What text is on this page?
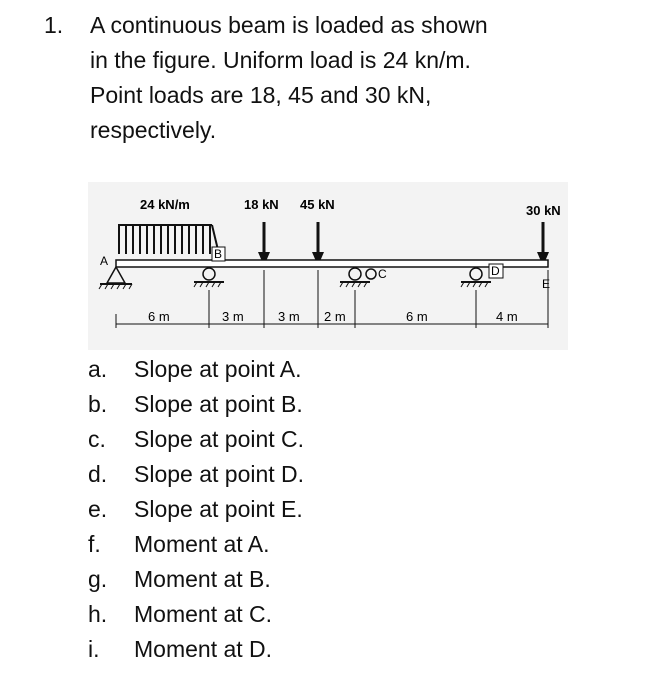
1. A continuous beam is loaded as shown
in the figure. Uniform load is 24 kn/m.
Point loads are 18, 45 and 30 kN,
respectively.
24 kN/m	18 kN 45 kN	30 kN
A	B
C	D
E
6 m	3 m	3 m 2 m	6 m	4 m
a. Slope at point A.
b. Slope at point B.
c. Slope at point C.
d. Slope at point D.
e. Slope at point E.
f. Moment at A.
g. Moment at B.
h. Moment at C.
i. Moment at D.
